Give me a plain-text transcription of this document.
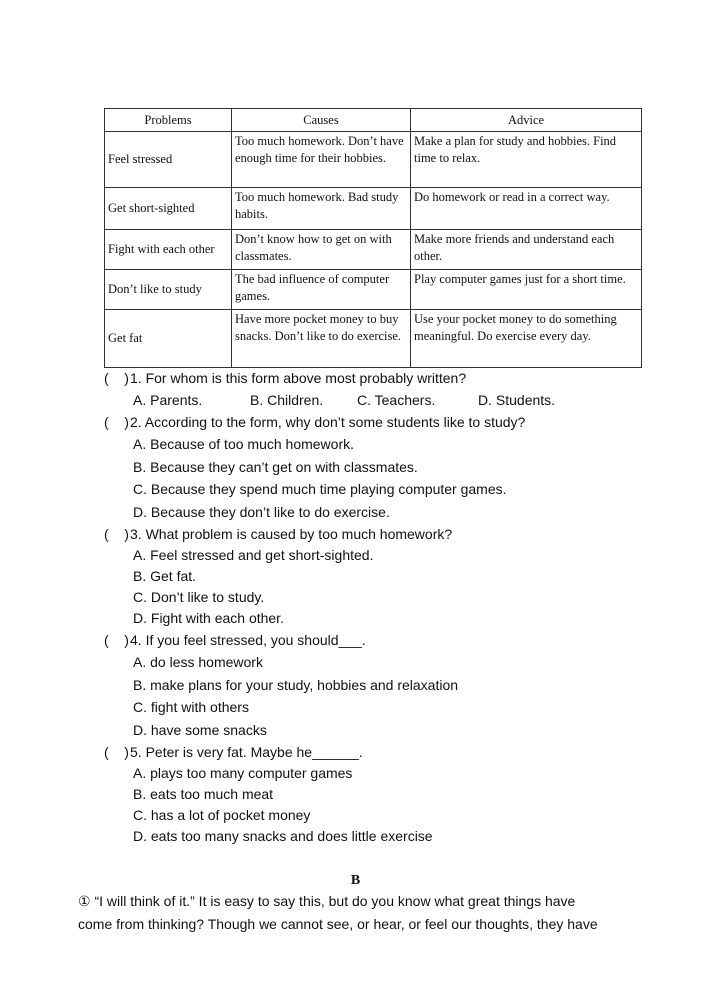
Problems	Causes	Advice
Feel stressed	Too much homework. Don’t have enough time for their hobbies.	Make a plan for study and hobbies. Find time to relax.
Get short-sighted	Too much homework. Bad study habits.	Do homework or read in a correct way.
Fight with each other	Don’t know how to get on with classmates.	Make more friends and understand each other.
Don’t like to study	The bad influence of computer games.	Play computer games just for a short time.
Get fat	Have more pocket money to buy snacks. Don’t like to do exercise.	Use your pocket money to do something meaningful. Do exercise every day.
( )1. For whom is this form above most probably written?
A. Parents.	B. Children. C. Teachers.	D. Students.
( )2. According to the form, why don’t some students like to study?
A. Because of too much homework.
B. Because they can’t get on with classmates.
C. Because they spend much time playing computer games.
D. Because they don’t like to do exercise.
( )3. What problem is caused by too much homework?
A. Feel stressed and get short-sighted.
B. Get fat.
C. Don’t like to study.
D. Fight with each other.
( )4. If you feel stressed, you should___.
A. do less homework
B. make plans for your study, hobbies and relaxation
C. fight with others
D. have some snacks
( )5. Peter is very fat. Maybe he______.
A. plays too many computer games
B. eats too much meat
C. has a lot of pocket money
D. eats too many snacks and does little exercise
B
① “I will think of it.” It is easy to say this, but do you know what great things have
come from thinking? Though we cannot see, or hear, or feel our thoughts, they have
